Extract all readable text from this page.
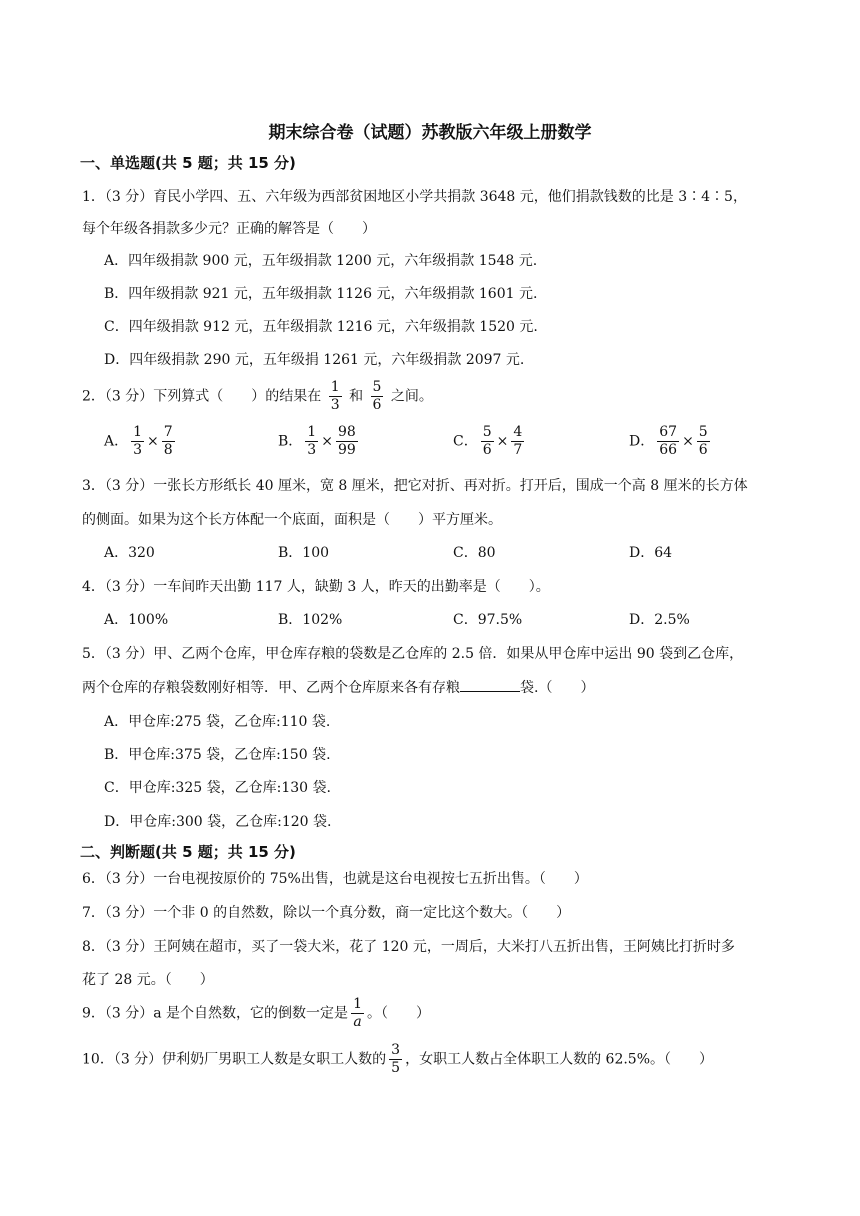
期末综合卷（试题）苏教版六年级上册数学
一、单选题(共 5 题；共 15 分)
1．（3 分）育民小学四、五、六年级为西部贫困地区小学共捐款 3648 元，他们捐款钱数的比是 3∶4∶5，
每个年级各捐款多少元？正确的解答是（　　）
A．四年级捐款 900 元，五年级捐款 1200 元，六年级捐款 1548 元.
B．四年级捐款 921 元，五年级捐款 1126 元，六年级捐款 1601 元.
C．四年级捐款 912 元，五年级捐款 1216 元，六年级捐款 1520 元.
D．四年级捐款 290 元，五年级捐 1261 元，六年级捐款 2097 元.
2．（3 分）下列算式（　　）的结果在 $\frac{1}{3}$ 和 $\frac{5}{6}$ 之间。
A． $\frac{1}{3} \times \frac{7}{8}$	B． $\frac{1}{3} \times \frac{98}{99}$	C． $\frac{5}{6} \times \frac{4}{7}$	D． $\frac{67}{66} \times \frac{5}{6}$
3．（3 分）一张长方形纸长 40 厘米，宽 8 厘米，把它对折、再对折。打开后，围成一个高 8 厘米的长方体
的侧面。如果为这个长方体配一个底面，面积是（　　）平方厘米。
A．320	B．100	C．80	D．64
4．（3 分）一车间昨天出勤 117 人，缺勤 3 人，昨天的出勤率是（　　）。
A．100%	B．102%	C．97.5%	D．2.5%
5．（3 分）甲、乙两个仓库，甲仓库存粮的袋数是乙仓库的 2.5 倍．如果从甲仓库中运出 90 袋到乙仓库，
两个仓库的存粮袋数刚好相等．甲、乙两个仓库原来各有存粮	袋.（　　）
A．甲仓库:275 袋，乙仓库:110 袋.
B．甲仓库:375 袋，乙仓库:150 袋.
C．甲仓库:325 袋，乙仓库:130 袋.
D．甲仓库:300 袋，乙仓库:120 袋.
二、判断题(共 5 题；共 15 分)
6．（3 分）一台电视按原价的 75%出售，也就是这台电视按七五折出售。（　　）
7．（3 分）一个非 0 的自然数，除以一个真分数，商一定比这个数大。（　　）
8．（3 分）王阿姨在超市，买了一袋大米，花了 120 元，一周后，大米打八五折出售，王阿姨比打折时多
花了 28 元。（　　）
9．（3 分）a 是个自然数，它的倒数一定是 $\frac{1}{a}$ 。（　　）
10．（3 分）伊利奶厂男职工人数是女职工人数的 $\frac{3}{5}$ ，女职工人数占全体职工人数的 62.5%。（　　）
